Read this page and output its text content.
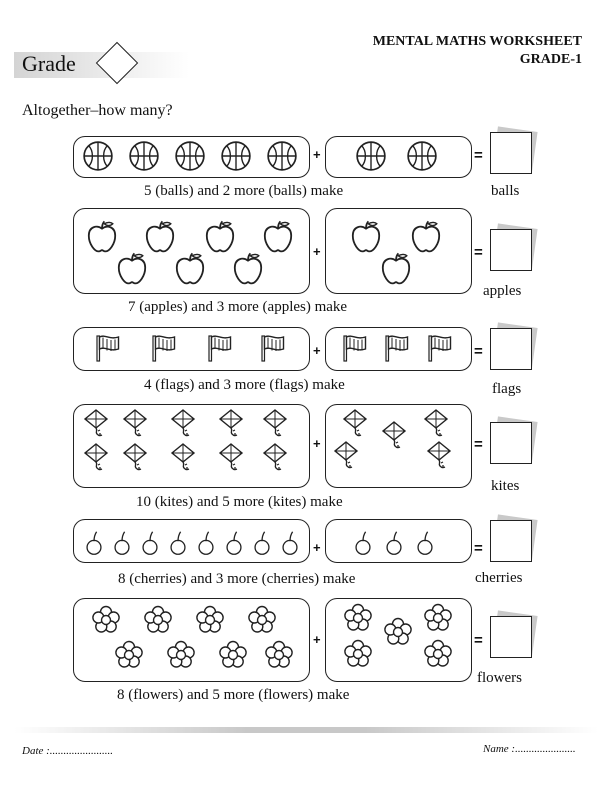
Grade
MENTAL MATHS WORKSHEET
GRADE-1
Altogether–how many?
+	=
5 (balls) and 2 more (balls) make	balls
+	=
7 (apples) and 3 more (apples) make
apples
+	=
4 (flags) and 3 more (flags) make	flags
+	=
10 (kites) and 5 more (kites) make
kites
+	=
8 (cherries) and 3 more (cherries) make	cherries
+	=
8 (flowers) and 5 more (flowers) make
flowers
Date :.......................	Name :......................
